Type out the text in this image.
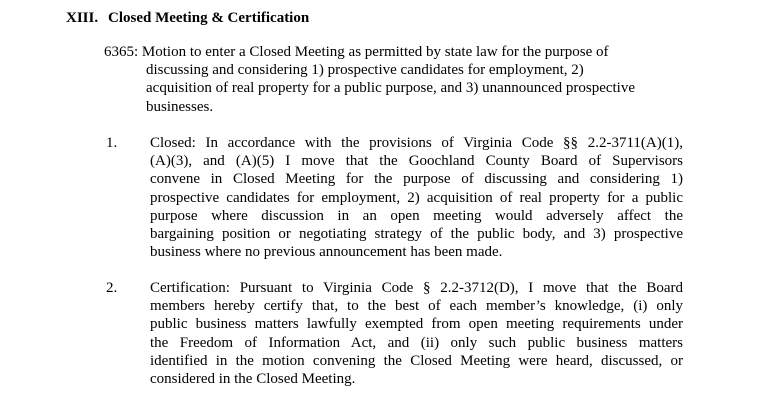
XIII. Closed Meeting & Certification
6365: Motion to enter a Closed Meeting as permitted by state law for the purpose of
discussing and considering 1) prospective candidates for employment, 2)
acquisition of real property for a public purpose, and 3) unannounced prospective
businesses.
1. Closed: In accordance with the provisions of Virginia Code §§ 2.2-3711(A)(1),
(A)(3), and (A)(5) I move that the Goochland County Board of Supervisors
convene in Closed Meeting for the purpose of discussing and considering 1)
prospective candidates for employment, 2) acquisition of real property for a public
purpose where discussion in an open meeting would adversely affect the
bargaining position or negotiating strategy of the public body, and 3) prospective
business where no previous announcement has been made.
2. Certification: Pursuant to Virginia Code § 2.2-3712(D), I move that the Board
members hereby certify that, to the best of each member’s knowledge, (i) only
public business matters lawfully exempted from open meeting requirements under
the Freedom of Information Act, and (ii) only such public business matters
identified in the motion convening the Closed Meeting were heard, discussed, or
considered in the Closed Meeting.
